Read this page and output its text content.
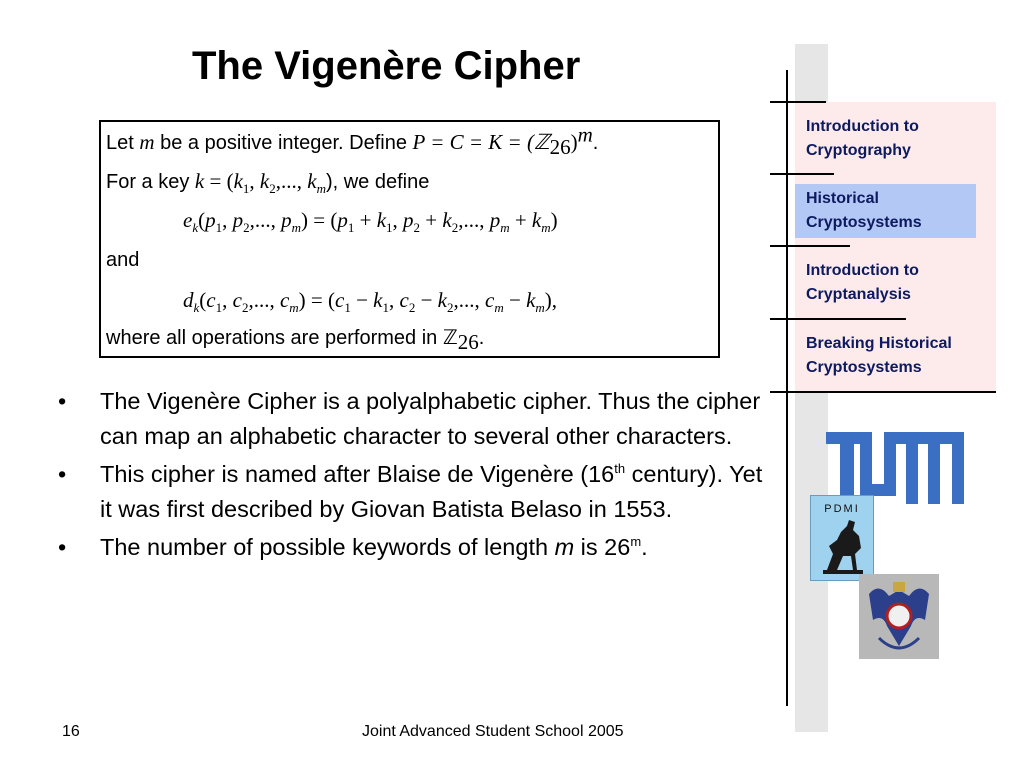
The Vigenère Cipher
Let m be a positive integer. Define P = C = K = (ℤ$_{26}$)$^m$.
For a key $k = (k_1$, $k_2$,..., $k_m$), we define
$e_k(p_1$, $p_2$,..., $p_m) = (p_1 + k_1$, $p_2 + k_2$,..., $p_m + k_m$)
and
$d_k(c_1$, $c_2$,..., $c_m) = (c_1 - k_1$, $c_2 - k_2$,..., $c_m - k_m$),
where all operations are performed in ℤ$_{26}$.
• The Vigenère Cipher is a polyalphabetic cipher. Thus the cipher can map an alphabetic character to several other characters.
• This cipher is named after Blaise de Vigenère (16th century). Yet it was first described by Giovan Batista Belaso in 1553.
• The number of possible keywords of length m is 26$^m$.
16	Joint Advanced Student School 2005
Introduction to
Cryptography
Historical
Cryptosystems
Introduction to
Cryptanalysis
Breaking Historical
Cryptosystems
PDMI
